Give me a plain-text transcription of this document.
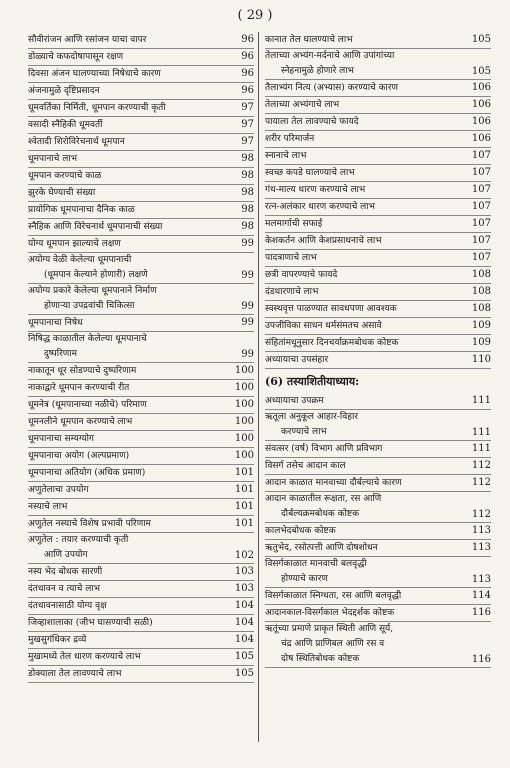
( 29 )
सौवीरांजन आणि रसांजन याचा वापर	96
डोळ्याचे कफदोषापासून रक्षण	96
दिवसा अंजन घालण्याच्या निषेधाचे कारण	96
अंजनामुळे दृष्टिप्रसादन	96
धूमवर्तिका निर्मिती, धूमपान करण्याची कृती	97
वसादी स्नैहिकी धूमवर्ती	97
श्वेतादी शिरोविरेचनार्थ धूमपान	97
धूमपानाचे लाभ	98
धूमपान करण्याचे काळ	98
झुरके घेण्याची संख्या	98
प्रायोगिक धूमपानाचा दैनिक काळ	98
स्नैहिक आणि विरेचनार्थ धूमपानाची संख्या	98
योग्य धूमपान झाल्याचे लक्षण	99
अयोग्य वेळी केलेल्या धूमपानाची
(धूमपान केल्याने होणारी) लक्षणे	99
अयोग्य प्रकारे केलेल्या धूमपानाने निर्माण
होणाऱ्या उपद्रवांची चिकित्सा	99
धूमपानाचा निषेध	99
निषिद्ध काळातील केलेल्या धूमपानाचे
दुष्परिणाम	99
नाकातून धूर सोडण्याचे दुष्परिणाम	100
नाकाद्वारे धूमपान करण्याची रीत	100
धूमनेत्र (धूमपानाच्या नळीचे) परिमाण	100
धूमनलीने धूमपान करण्याचे लाभ	100
धूमपानाचा सम्यग्योग	100
धूमपानाचा अयोग (अल्पप्रमाण)	100
धूमपानाचा अतियोग (अधिक प्रमाण)	101
अणुतेलाचा उपयोग	101
नस्याचे लाभ	101
अणुतेल नस्याचे विशेष प्रभावी परिणाम	101
अणुतेल : तयार करण्याची कृती
आणि उपयोग	102
नस्य भेद बोधक सारणी	103
दंतधावन व त्याचे लाभ	103
दंतधावनासाठी योग्य वृक्ष	104
जिव्हाशालाका (जीभ घासण्याची सळी)	104
मुखसुगंधिकर द्रव्ये	104
मुखामध्ये तेल धारण करण्याचे लाभ	105
डोक्याला तेल लावण्याचे लाभ	105
कानात तेल घालण्याचे लाभ	105
तेलाच्या अभ्यंग-मर्दनाचे आणि उपांगांच्या
स्नेहनामुळे होणारे लाभ	105
तैलाभ्यंग नित्य (अभ्यास) करण्याचे कारण	106
तेलाच्या अभ्यंगाचे लाभ	106
पायाला तेल लावण्याचे फायदे	106
शरीर परिमार्जन	106
स्नानाचे लाभ	107
स्वच्छ कपडे घालण्याचे लाभ	107
गंध-माल्य धारण करण्याचे लाभ	107
रत्न-अलंकार धारण करण्याचे लाभ	107
मलमार्गाची सफाई	107
केशकर्तन आणि केशप्रसाधनाचे लाभ	107
पादत्राणाचे लाभ	107
छत्री वापरण्याचे फायदे	108
दंडधारणाचे लाभ	108
स्वस्थवृत्त पाळण्यात सावधपणा आवश्यक	108
उपजीविका साधन धर्मसंमतच असावे	109
संहितांमधूनुसार दिनचर्याक्रमबोधक कोष्टक	109
अध्यायाचा उपसंहार	110
(6) तस्याशितीयाध्याय:
अध्यायाचा उपक्रम	111
ऋतूला अनुकूल आहार-विहार
करण्याचे लाभ	111
संवत्सर (वर्ष) विभाग आणि प्रविभाग	111
विसर्ग तसेच आदान काल	112
आदान काळात मानवाच्या दौर्बल्याचे कारण	112
आदान काळातील रूक्षता, रस आणि
दौर्बल्यक्रमबोधक कोष्टक	112
कालभेदबोधक कोष्टक	113
ऋतुभेद, रसोत्पत्ती आणि दोषशोधन	113
विसर्गकाळात मानवाची बलवृद्धी
होण्याचे कारण	113
विसर्गकाळात स्निग्धता, रस आणि बलवृद्धी	114
आदानकाल-विसर्गकाल भेदद्दर्शक कोष्टक	116
ऋतूंच्या प्रमाणे प्राकृत स्थिती आणि सूर्य,
चंद्र आणि प्राणिबल आणि रस व
दोष स्थितिबोधक कोष्टक	116
